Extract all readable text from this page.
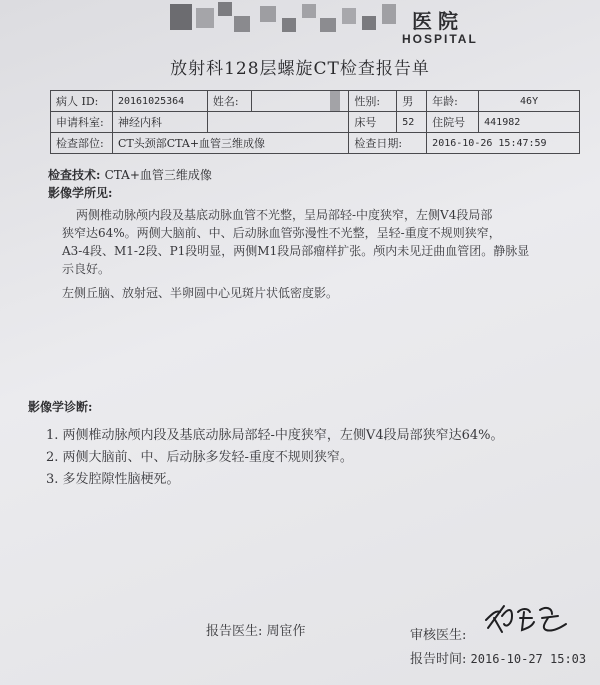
医院
HOSPITAL
放射科128层螺旋CT检查报告单
病人 ID:	20161025364	姓名:		性别:	男	年龄:	46Y
申请科室:	神经内科			床号	52	住院号	441982
检查部位:	CT头颈部CTA+血管三维成像			检查日期:		2016-10-26 15:47:59	
检查技术: CTA+血管三维成像
影像学所见:
两侧椎动脉颅内段及基底动脉血管不光整，呈局部轻-中度狭窄，左侧V4段局部
狭窄达64%。两侧大脑前、中、后动脉血管弥漫性不光整，呈轻-重度不规则狭窄，
A3-4段、M1-2段、P1段明显，两侧M1段局部瘤样扩张。颅内未见迂曲血管团。静脉显
示良好。
左侧丘脑、放射冠、半卵圆中心见斑片状低密度影。
影像学诊断:
1. 两侧椎动脉颅内段及基底动脉局部轻-中度狭窄，左侧V4段局部狭窄达64%。
2. 两侧大脑前、中、后动脉多发轻-重度不规则狭窄。
3. 多发腔隙性脑梗死。
报告医生: 周宦作	审核医生:
报告时间: 2016-10-27 15:03
